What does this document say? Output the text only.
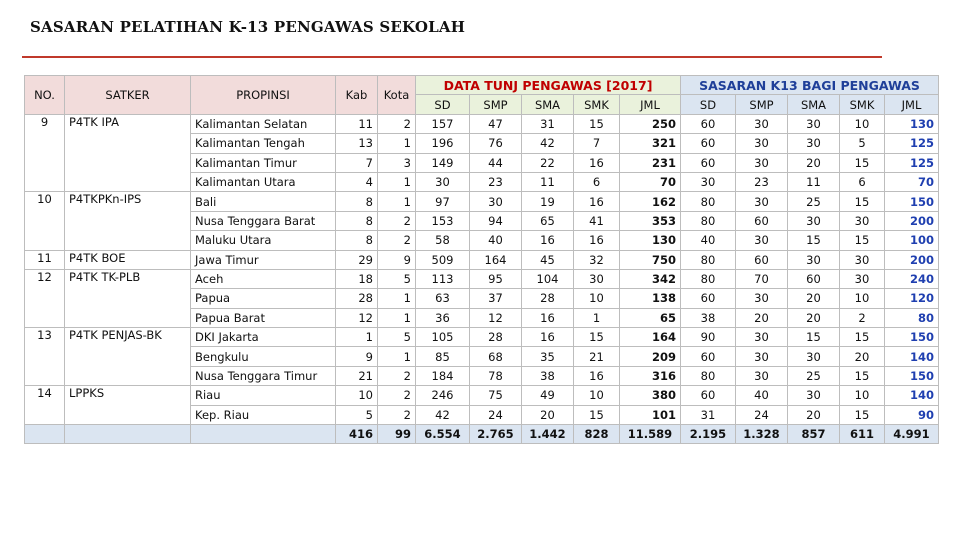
SASARAN PELATIHAN K-13 PENGAWAS SEKOLAH
NO.	SATKER	PROPINSI	Kab	Kota	DATA TUNJ PENGAWAS [2017]					SASARAN K13 BAGI PENGAWAS				
					SD	SMP	SMA	SMK	JML	SD	SMP	SMA	SMK	JML
9	P4TK IPA	Kalimantan Selatan	11	2	157	47	31	15	250	60	30	30	10	130
		Kalimantan Tengah	13	1	196	76	42	7	321	60	30	30	5	125
		Kalimantan Timur	7	3	149	44	22	16	231	60	30	20	15	125
		Kalimantan Utara	4	1	30	23	11	6	70	30	23	11	6	70
10	P4TKPKn-IPS	Bali	8	1	97	30	19	16	162	80	30	25	15	150
		Nusa Tenggara Barat	8	2	153	94	65	41	353	80	60	30	30	200
		Maluku Utara	8	2	58	40	16	16	130	40	30	15	15	100
11	P4TK BOE	Jawa Timur	29	9	509	164	45	32	750	80	60	30	30	200
12	P4TK TK-PLB	Aceh	18	5	113	95	104	30	342	80	70	60	30	240
		Papua	28	1	63	37	28	10	138	60	30	20	10	120
		Papua Barat	12	1	36	12	16	1	65	38	20	20	2	80
13	P4TK PENJAS-BK	DKI Jakarta	1	5	105	28	16	15	164	90	30	15	15	150
		Bengkulu	9	1	85	68	35	21	209	60	30	30	20	140
		Nusa Tenggara Timur	21	2	184	78	38	16	316	80	30	25	15	150
14	LPPKS	Riau	10	2	246	75	49	10	380	60	40	30	10	140
		Kep. Riau	5	2	42	24	20	15	101	31	24	20	15	90
			416	99	6.554	2.765	1.442	828	11.589	2.195	1.328	857	611	4.991
